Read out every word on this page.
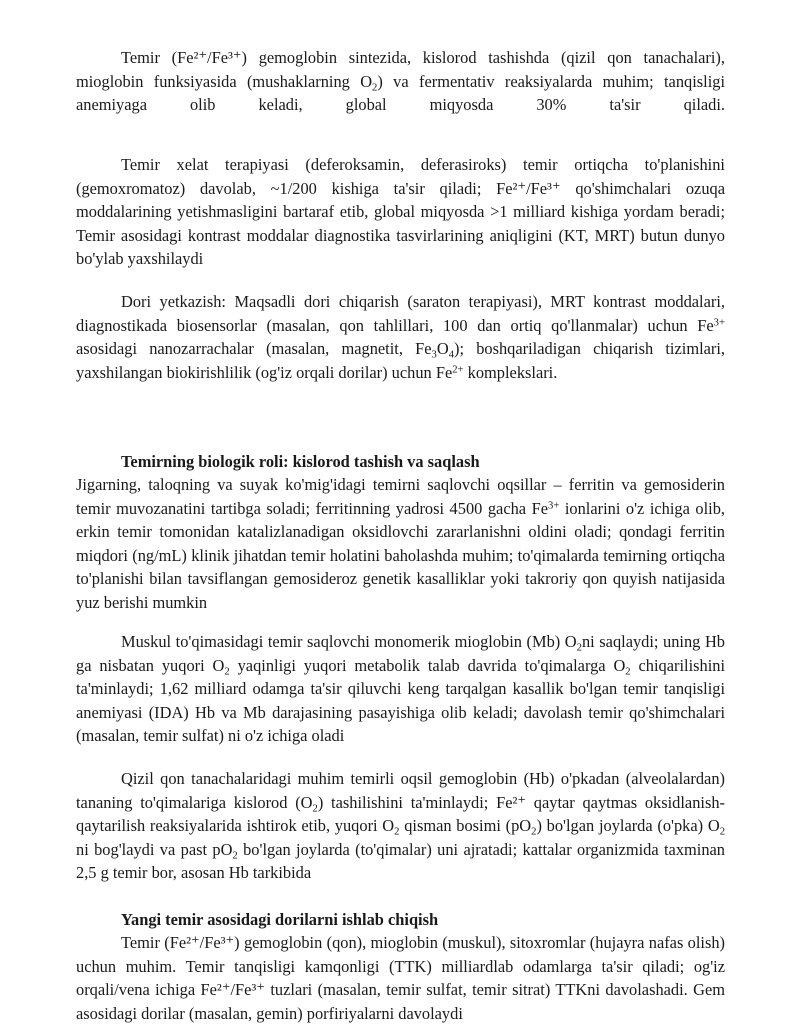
Temir (Fe²⁺/Fe³⁺) gemoglobin sintezida, kislorod tashishda (qizil qon tanachalari), mioglobin funksiyasida (mushaklarning $O_2$) va fermentativ reaksiyalarda muhim; tanqisligi anemiyaga olib keladi, global miqyosda 30% ta'sir qiladi.

Temir xelat terapiyasi (deferoksamin, deferasiroks) temir ortiqcha to'planishini (gemoxromatoz) davolab, ~1/200 kishiga ta'sir qiladi; Fe²⁺/Fe³⁺ qo'shimchalari ozuqa moddalarining yetishmasligini bartaraf etib, global miqyosda >1 milliard kishiga yordam beradi; Temir asosidagi kontrast moddalar diagnostika tasvirlarining aniqligini (KT, MRT) butun dunyo bo'ylab yaxshilaydi

Dori yetkazish: Maqsadli dori chiqarish (saraton terapiyasi), MRT kontrast moddalari, diagnostikada biosensorlar (masalan, qon tahlillari, 100 dan ortiq qo'llanmalar) uchun $Fe^{3+}$ asosidagi nanozarrachalar (masalan, magnetit, $Fe_3O_4$); boshqariladigan chiqarish tizimlari, yaxshilangan biokirishlilik (og'iz orqali dorilar) uchun $Fe^{2+}$ komplekslari.

Temirning biologik roli: kislorod tashish va saqlash

Jigarning, taloqning va suyak ko'mig'idagi temirni saqlovchi oqsillar – ferritin va gemosiderin temir muvozanatini tartibga soladi; ferritinning yadrosi 4500 gacha $Fe^{3+}$ ionlarini o'z ichiga olib, erkin temir tomonidan katalizlanadigan oksidlovchi zararlanishni oldini oladi; qondagi ferritin miqdori (ng/mL) klinik jihatdan temir holatini baholashda muhim; to'qimalarda temirning ortiqcha to'planishi bilan tavsiflangan gemosideroz genetik kasalliklar yoki takroriy qon quyish natijasida yuz berishi mumkin

Muskul to'qimasidagi temir saqlovchi monomerik mioglobin (Mb) $O_2ni$ saqlaydi; uning Hb ga nisbatan yuqori $O_2$ yaqinligi yuqori metabolik talab davrida to'qimalarga $O_2$ chiqarilishini ta'minlaydi; 1,62 milliard odamga ta'sir qiluvchi keng tarqalgan kasallik bo'lgan temir tanqisligi anemiyasi (IDA) Hb va Mb darajasining pasayishiga olib keladi; davolash temir qo'shimchalari (masalan, temir sulfat) ni o'z ichiga oladi

Qizil qon tanachalaridagi muhim temirli oqsil gemoglobin (Hb) o'pkadan (alveolalardan) tananing to'qimalariga kislorod $(O_2)$ tashilishini ta'minlaydi; Fe²⁺ qaytar qaytmas oksidlanish-qaytarilish reaksiyalarida ishtirok etib, yuqori $O_2$ qisman bosimi $(pO_2)$ bo'lgan joylarda (o'pka) $O_2$ ni bog'laydi va past $pO_2$ bo'lgan joylarda (to'qimalar) uni ajratadi; kattalar organizmida taxminan 2,5 g temir bor, asosan Hb tarkibida

Yangi temir asosidagi dorilarni ishlab chiqish

Temir (Fe²⁺/Fe³⁺) gemoglobin (qon), mioglobin (muskul), sitoxromlar (hujayra nafas olish) uchun muhim. Temir tanqisligi kamqonligi (TTK) milliardlab odamlarga ta'sir qiladi; og'iz orqali/vena ichiga Fe²⁺/Fe³⁺ tuzlari (masalan, temir sulfat, temir sitrat) TTKni davolashadi. Gem asosidagi dorilar (masalan, gemin) porfiriyalarni davolaydi
